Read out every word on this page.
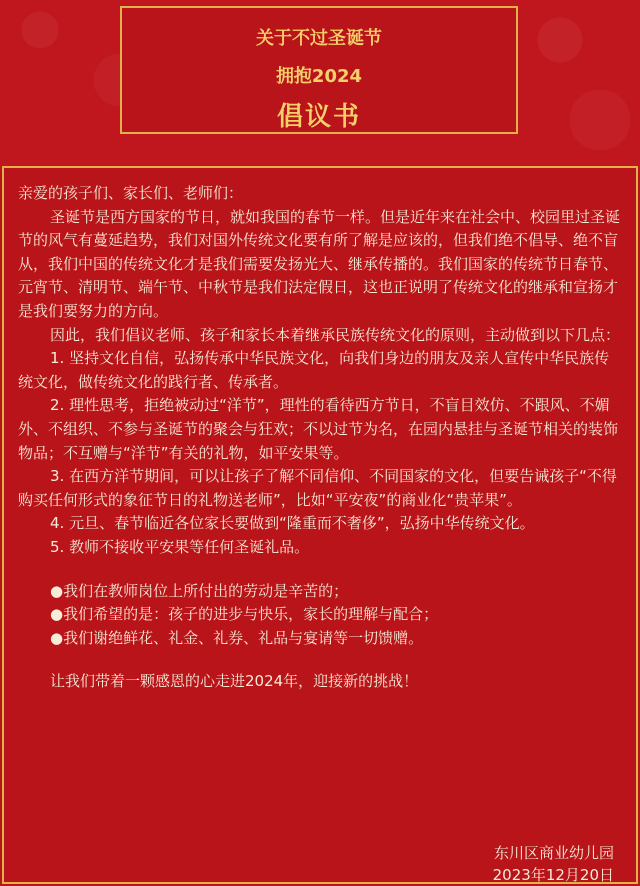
关于不过圣诞节
拥抱2024
倡议书

亲爱的孩子们、家长们、老师们：

圣诞节是西方国家的节日，就如我国的春节一样。但是近年来在社会中、校园里过圣诞节的风气有蔓延趋势，我们对国外传统文化要有所了解是应该的，但我们绝不倡导、绝不盲从，我们中国的传统文化才是我们需要发扬光大、继承传播的。我们国家的传统节日春节、元宵节、清明节、端午节、中秋节是我们法定假日，这也正说明了传统文化的继承和宣扬才是我们要努力的方向。

因此，我们倡议老师、孩子和家长本着继承民族传统文化的原则，主动做到以下几点：

1. 坚持文化自信，弘扬传承中华民族文化，向我们身边的朋友及亲人宣传中华民族传统文化，做传统文化的践行者、传承者。

2. 理性思考，拒绝被动过“洋节”，理性的看待西方节日，不盲目效仿、不跟风、不媚外、不组织、不参与圣诞节的聚会与狂欢；不以过节为名，在园内悬挂与圣诞节相关的装饰物品；不互赠与“洋节”有关的礼物，如平安果等。

3. 在西方洋节期间，可以让孩子了解不同信仰、不同国家的文化，但要告诫孩子“不得购买任何形式的象征节日的礼物送老师”，比如“平安夜”的商业化“贵苹果”。

4. 元旦、春节临近各位家长要做到“隆重而不奢侈”，弘扬中华传统文化。

5. 教师不接收平安果等任何圣诞礼品。

●我们在教师岗位上所付出的劳动是辛苦的；

●我们希望的是：孩子的进步与快乐，家长的理解与配合；

●我们谢绝鲜花、礼金、礼券、礼品与宴请等一切馈赠。

让我们带着一颗感恩的心走进2024年，迎接新的挑战！

东川区商业幼儿园
2023年12月20日
